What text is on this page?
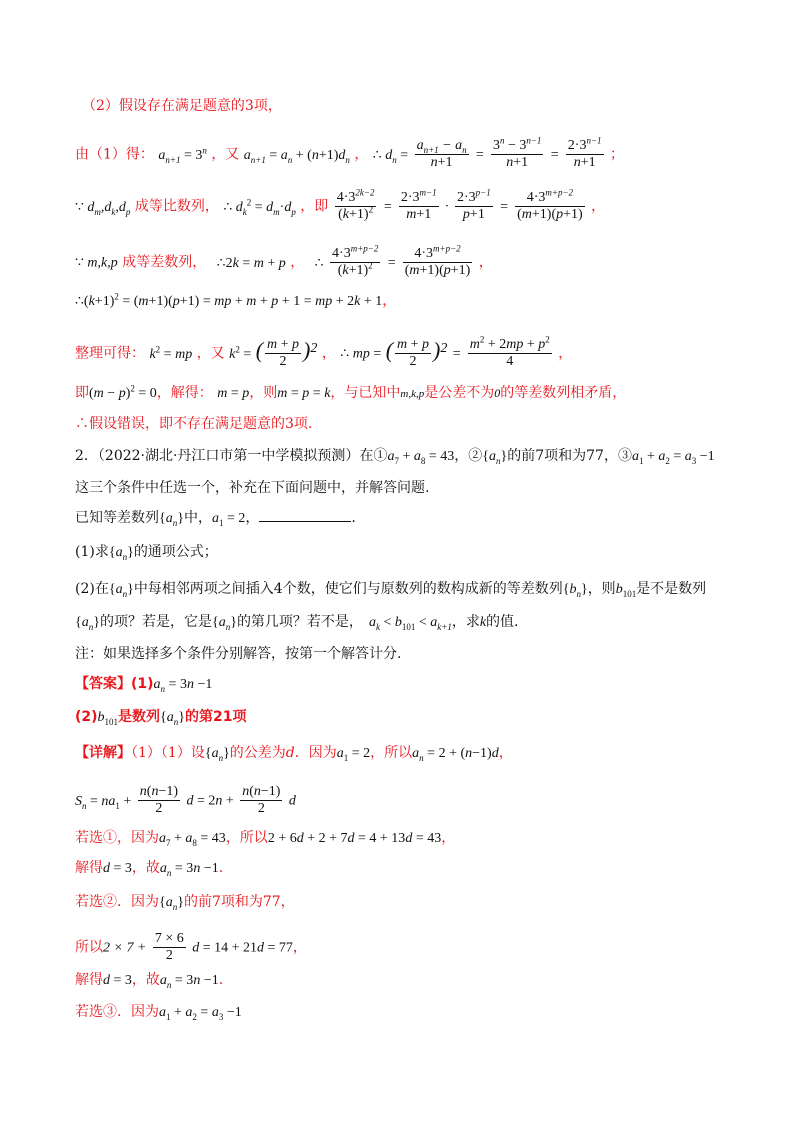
（2）假设存在满足题意的3项，
由（1）得： $a_{n+1} = 3^n$ ，又 $a_{n+1} = a_n + (n+1)d_n$ ， ∴ $d_n = \frac{a_{n+1} - a_n}{n+1} = \frac{3^n - 3^{n-1}}{n+1} = \frac{2\cdot 3^{n-1}}{n+1}$ ；
∵ $d_m,d_k,d_p$ 成等比数列， ∴ $d_k^2 = d_m\cdot d_p$ ，即 $\frac{4\cdot 3^{2k-2}}{(k+1)^2} = \frac{2\cdot 3^{m-1}}{m+1} \cdot \frac{2\cdot 3^{p-1}}{p+1} = \frac{4\cdot 3^{m+p-2}}{(m+1)(p+1)}$ ，
∵ m,k,p 成等差数列， ∴2k = m + p ， ∴ $\frac{4\cdot 3^{m+p-2}}{(k+1)^2} = \frac{4\cdot 3^{m+p-2}}{(m+1)(p+1)}$ ，
$\therefore(k+1)^2 = (m+1)(p+1)$ = mp + m + p + 1 = mp + 2k + 1，
整理可得： $k^2$ = mp ，又 $k^2$ = ( $\frac{m + p}{2} )^2$ ， ∴ mp = ( $\frac{m + p}{2} )^2 = \frac{m^2 + 2mp + p^2}{4}$ ，
即$(m - p)^2 = 0$，解得： m = p，则m = p = k，与已知中m,k,p是公差不为0的等差数列相矛盾，
∴假设错误，即不存在满足题意的3项.
2．（2022·湖北·丹江口市第一中学模拟预测）在$①a_7 + a_8 = 43$，$②\{a_n\}$的前7项和为77，$③a_1 + a_2 = a_3 -1$
这三个条件中任选一个，补充在下面问题中，并解答问题.
已知等差数列$\{a_n\}$中，$a_1 = 2$，	.
(1)求$\{a_n\}$的通项公式；
(2)在$\{a_n\}$中每相邻两项之间插入4个数，使它们与原数列的数构成新的等差数列$\{b_n\}$，则$b_{101}$是不是数列
$\{a_n\}$的项？若是，它是$\{a_n\}$的第几项？若不是， $a_k < b_{101} < a_{k+1}$，求k的值.
注：如果选择多个条件分别解答，按第一个解答计分.
【答案】$(1)a_n = 3n -1$
$(2)b_{101}$是数列$\{a_n\}$的第21项
【详解】（1）（1）设$\{a_n\}$的公差为d．因为$a_1 = 2$，所以$a_n = 2 + (n-1)d$，
$S_n = na_1 + \frac{n(n-1)}{2}$ $d = 2n + \frac{n(n-1)}{2}$ d
若选①，因为$a_7 + a_8 = 43$，所以2 + 6d + 2 + 7d = 4 + 13d = 43，
解得d = 3，故$a_n = 3n -1$.
若选②．因为$\{a_n\}$的前7项和为77，
所以$2 \times 7 + \frac{7 \times 6}{2}$ d = 14 + 21d = 77，
解得d = 3，故$a_n = 3n -1$.
若选③．因为$a_1 + a_2 = a_3 -1$
